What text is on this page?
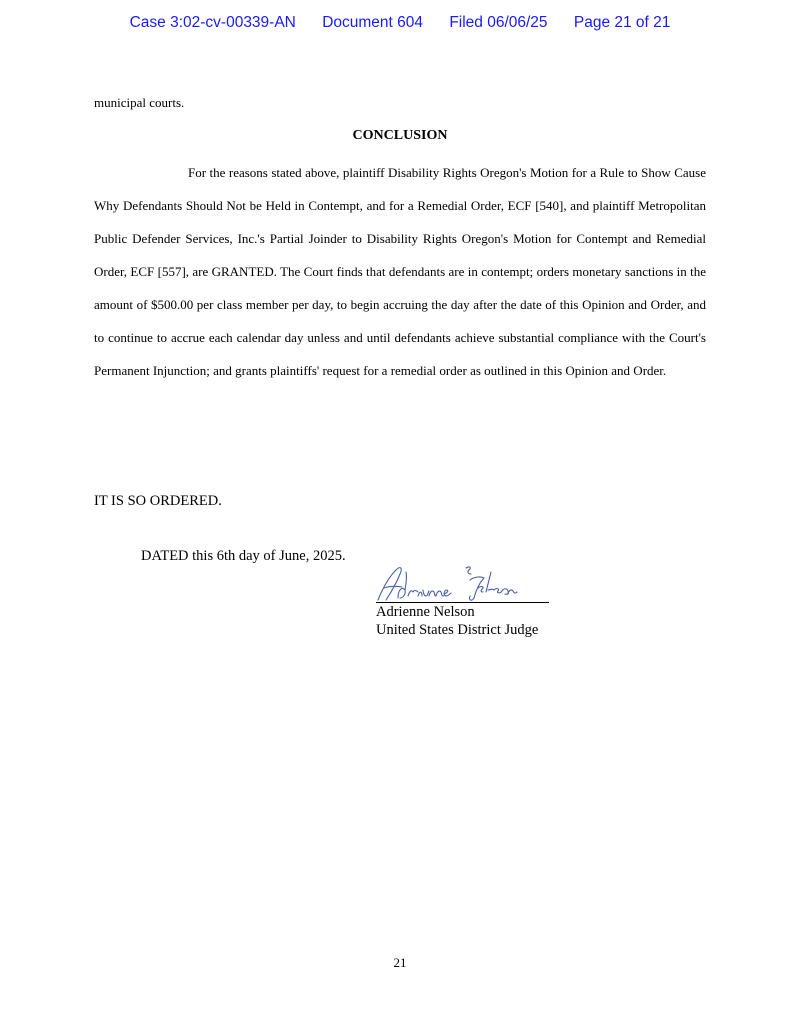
Case 3:02-cv-00339-AN Document 604 Filed 06/06/25 Page 21 of 21
municipal courts.
CONCLUSION

For the reasons stated above, plaintiff Disability Rights Oregon's Motion for a Rule to Show Cause Why Defendants Should Not be Held in Contempt, and for a Remedial Order, ECF [540], and plaintiff Metropolitan Public Defender Services, Inc.'s Partial Joinder to Disability Rights Oregon's Motion for Contempt and Remedial Order, ECF [557], are GRANTED. The Court finds that defendants are in contempt; orders monetary sanctions in the amount of $500.00 per class member per day, to begin accruing the day after the date of this Opinion and Order, and to continue to accrue each calendar day unless and until defendants achieve substantial compliance with the Court's Permanent Injunction; and grants plaintiffs' request for a remedial order as outlined in this Opinion and Order.

IT IS SO ORDERED.
DATED this 6th day of June, 2025.
Adrienne Nelson
United States District Judge
21
